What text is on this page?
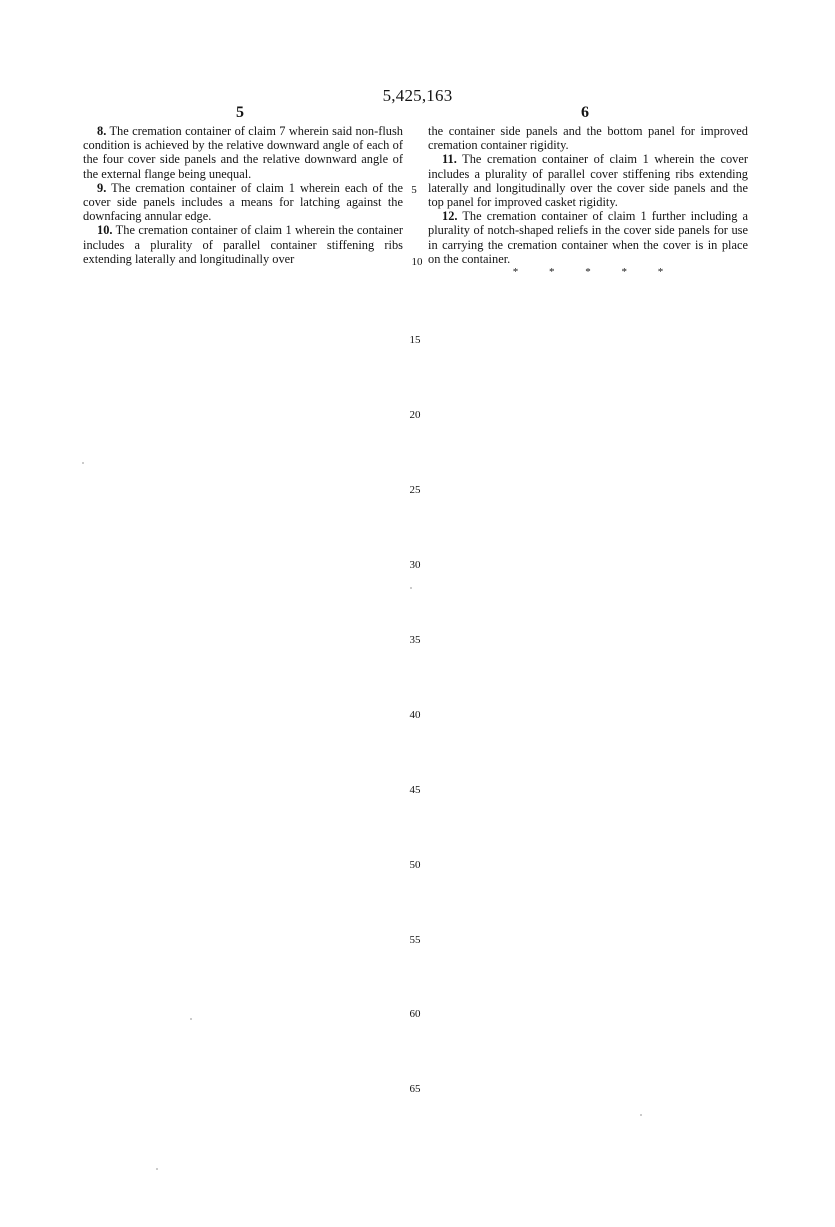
5,425,163
5	6

8. The cremation container of claim 7 wherein said non-flush condition is achieved by the relative downward angle of each of the four cover side panels and the relative downward angle of the external flange being unequal.

9. The cremation container of claim 1 wherein each of the cover side panels includes a means for latching against the downfacing annular edge.

10. The cremation container of claim 1 wherein the container includes a plurality of parallel container stiffening ribs extending laterally and longitudinally over

the container side panels and the bottom panel for improved cremation container rigidity.

11. The cremation container of claim 1 wherein the cover includes a plurality of parallel cover stiffening ribs extending laterally and longitudinally over the cover side panels and the top panel for improved casket rigidity.

12. The cremation container of claim 1 further including a plurality of notch-shaped reliefs in the cover side panels for use in carrying the cremation container when the cover is in place on the container.

* * * * *
5
10
15
20
25
30
35
40
45
50
55
60
65
